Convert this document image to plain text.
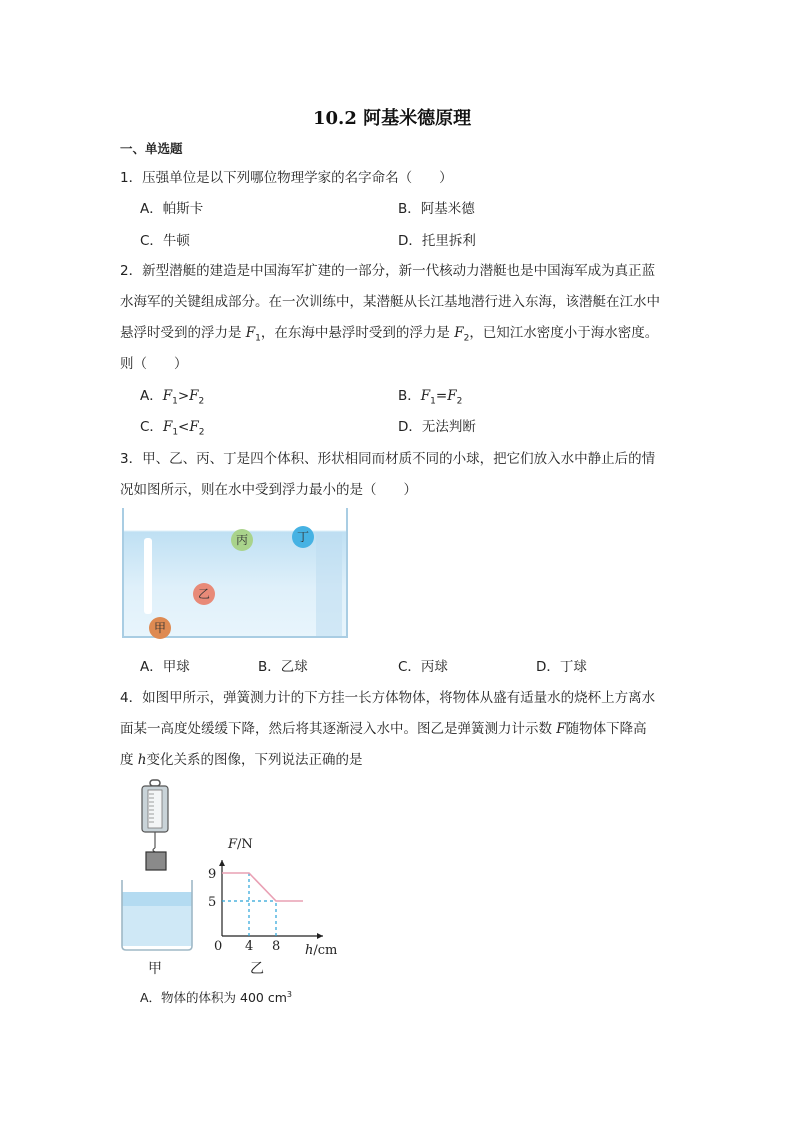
10.2 阿基米德原理
一、单选题
1．压强单位是以下列哪位物理学家的名字命名（　　）
A．帕斯卡	B．阿基米德
C．牛顿	D．托里拆利
2．新型潜艇的建造是中国海军扩建的一部分，新一代核动力潜艇也是中国海军成为真正蓝
水海军的关键组成部分。在一次训练中，某潜艇从长江基地潜行进入东海，该潜艇在江水中
悬浮时受到的浮力是 $F_1$，在东海中悬浮时受到的浮力是 $F_2$，已知江水密度小于海水密度。
则（　　）
A．$F_1>F_2$	B．$F_1=F_2$
C．$F_1<F_2$	D．无法判断
3．甲、乙、丙、丁是四个体积、形状相同而材质不同的小球，把它们放入水中静止后的情
况如图所示，则在水中受到浮力最小的是（　　）
丙	丁
乙
甲
A．甲球	B．乙球	C．丙球	D．丁球
4．如图甲所示，弹簧测力计的下方挂一长方体物体，将物体从盛有适量水的烧杯上方离水
面某一高度处缓缓下降，然后将其逐渐浸入水中。图乙是弹簧测力计示数 F随物体下降高
度 h变化关系的图像，下列说法正确的是
甲
0 4 8
9
5
F/N
h/cm
乙
A．物体的体积为 400 $cm^3$
